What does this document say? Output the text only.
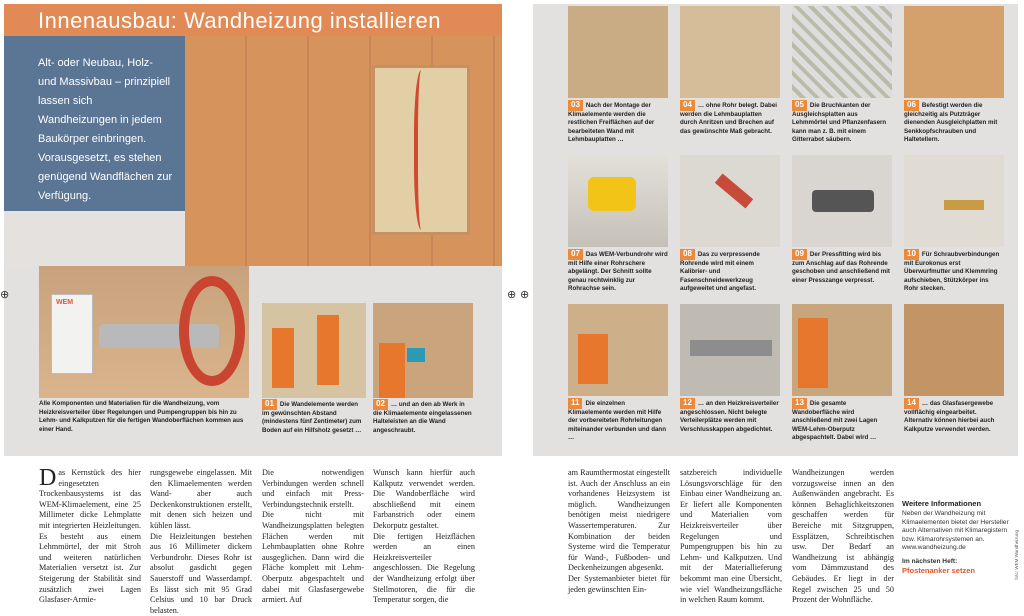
Innenausbau: Wandheizung installieren
Alt- oder Neubau, Holz- und Massivbau – prinzipiell lassen sich Wandheizungen in jedem Baukörper einbringen. Vorausgesetzt, es stehen genügend Wandflächen zur Verfügung.
WEM
Alle Komponenten und Materialien für die Wandheizung, vom Heizkreisverteiler über Regelungen und Pumpengruppen bis hin zu Lehm- und Kalkputzen für die fertigen Wandoberflächen kommen aus einer Hand.
01 Die Wandelemente werden im gewünschten Abstand (mindestens fünf Zentimeter) zum Boden auf ein Hilfsholz gesetzt …
02 … und an den ab Werk in die Klimaelemente eingelassenen Halteleisten an die Wand angeschraubt.
⊕	⊕ ⊕
03 Nach der Montage der Klimaelemente werden die restlichen Freiflächen auf der bearbeiteten Wand mit Lehmbauplatten …
04 … ohne Rohr belegt. Dabei werden die Lehmbauplatten durch Anritzen und Brechen auf das gewünschte Maß gebracht.
05 Die Bruchkanten der Ausgleichsplatten aus Lehmmörtel und Pflanzenfasern kann man z. B. mit einem Gitterrabot säubern.
06 Befestigt werden die gleichzeitig als Putzträger dienenden Ausgleichplatten mit Senkkopfschrauben und Haltetellern.
07 Das WEM-Verbundrohr wird mit Hilfe einer Rohrschere abgelängt. Der Schnitt sollte genau rechtwinklig zur Rohrachse sein.
08 Das zu verpressende Rohrende wird mit einem Kalibrier- und Fasenschneidewerkzeug aufgeweitet und angefast.
09 Der Pressfitting wird bis zum Anschlag auf das Rohrende geschoben und anschließend mit einer Presszange verpresst.
10 Für Schraubverbindungen mit Eurokonus erst Überwurfmutter und Klemmring aufschieben, Stützkörper ins Rohr stecken.
11 Die einzelnen Klimaelemente werden mit Hilfe der vorbereiteten Rohrleitungen miteinander verbunden und dann …
12 … an den Heizkreisverteiler angeschlossen. Nicht belegte Verteilerplätze werden mit Verschlusskappen abgedichtet.
13 Die gesamte Wandoberfläche wird anschließend mit zwei Lagen WEM-Lehm-Oberputz abgespachtelt. Dabei wird …
14 … das Glasfasergewebe vollflächig eingearbeitet. Alternativ können hierbei auch Kalkputze verwendet werden.
Das Kernstück des hier eingesetzten Trockenbausystems ist das WEM-Klimaelement, eine 25 Millimeter dicke Lehmplatte mit integrierten Heizleitungen. Es besteht aus einem Lehmmörtel, der mit Stroh und weiteren natürlichen Materialien versetzt ist. Zur Steigerung der Stabilität sind zusätzlich zwei Lagen Glasfaser-Armie-
rungsgewebe eingelassen. Mit den Klimaelementen werden Wand- aber auch Deckenkonstruktionen erstellt, mit denen sich heizen und kühlen lässt.
Die Heizleitungen bestehen aus 16 Millimeter dickem Verbundrohr. Dieses Rohr ist absolut gasdicht gegen Sauerstoff und Wasserdampf. Es lässt sich mit 95 Grad Celsius und 10 bar Druck belasten.
Die notwendigen Verbindungen werden schnell und einfach mit Press-Verbindungstechnik erstellt.
Die nicht mit Wandheizungsplatten belegten Flächen werden mit Lehmbauplatten ohne Rohre ausgeglichen. Dann wird die Fläche komplett mit Lehm-Oberputz abgespachtelt und dabei mit Glasfasergewebe armiert. Auf
Wunsch kann hierfür auch Kalkputz verwendet werden. Die Wandoberfläche wird abschließend mit einem Farbanstrich oder einem Dekorputz gestaltet.
Die fertigen Heizflächen werden an einen Heizkreisverteiler angeschlossen. Die Regelung der Wandheizung erfolgt über Stellmotoren, die für die Temperatur sorgen, die
am Raumthermostat eingestellt ist. Auch der Anschluss an ein vorhandenes Heizsystem ist möglich. Wandheizungen benötigen meist niedrigere Wassertemperaturen. Zur Kombination der beiden Systeme wird die Temperatur für Wand-, Fußboden- und Deckenheizungen abgesenkt.
Der Systemanbieter bietet für jeden gewünschten Ein-
satzbereich individuelle Lösungsvorschläge für den Einbau einer Wandheizung an. Er liefert alle Komponenten und Materialien vom Heizkreisverteiler über Regelungen und Pumpengruppen bis hin zu Lehm- und Kalkputzen. Und mit der Materiallieferung bekommt man eine Übersicht, wie viel Wandheizungsfläche in welchen Raum kommt.
Wandheizungen werden vorzugsweise innen an den Außenwänden angebracht. Es können Behaglichkeitszonen geschaffen werden für Bereiche mit Sitzgruppen, Essplätzen, Schreibtischen usw. Der Bedarf an Wandheizung ist abhängig vom Dämmzustand des Gebäudes. Er liegt in der Regel zwischen 25 und 50 Prozent der Wohnfläche.
Weitere Informationen
Neben der Wandheizung mit Klimaelementen bietet der Hersteller auch Alternativen mit Klimaregistern bzw. Klimarohrsystemen an. www.wandheizung.de
Im nächsten Heft:
Pfostenanker setzen	foto: WEM Wandheizung
